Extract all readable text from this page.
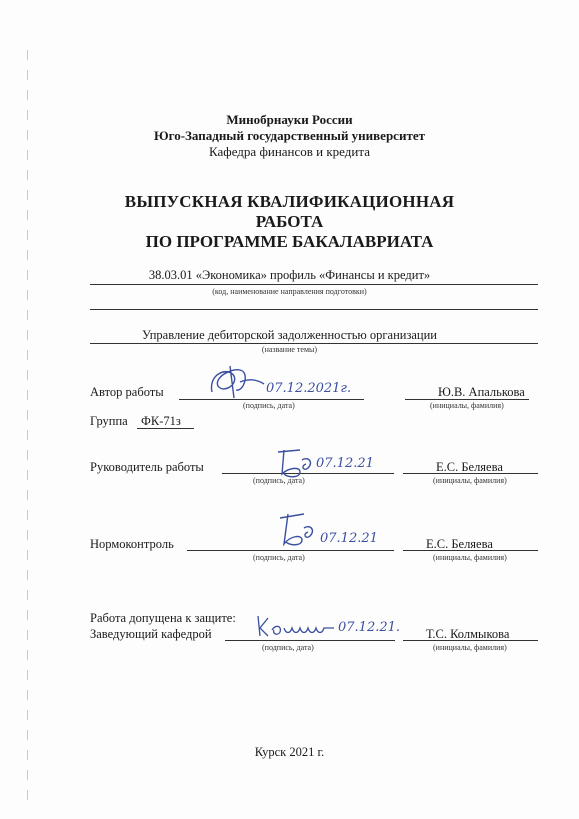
Минобрнауки России
Юго-Западный государственный университет
Кафедра финансов и кредита
ВЫПУСКНАЯ КВАЛИФИКАЦИОННАЯ
РАБОТА
ПО ПРОГРАММЕ БАКАЛАВРИАТА
38.03.01 «Экономика» профиль «Финансы и кредит»
(код, наименование направления подготовки)
Управление дебиторской задолженностью организации
(название темы)
Автор работы	07.12.2021г.
(подпись, дата)
Ю.В. Апалькова
(инициалы, фамилия)
Группа ФК-71з
Руководитель работы	07.12.21
(подпись, дата)
Е.С. Беляева
(инициалы, фамилия)
Нормоконтроль	07.12.21
(подпись, дата)
Е.С. Беляева
(инициалы, фамилия)
Работа допущена к защите:
Заведующий кафедрой	07.12.21.
(подпись, дата)
Т.С. Колмыкова
(инициалы, фамилия)
Курск 2021 г.
